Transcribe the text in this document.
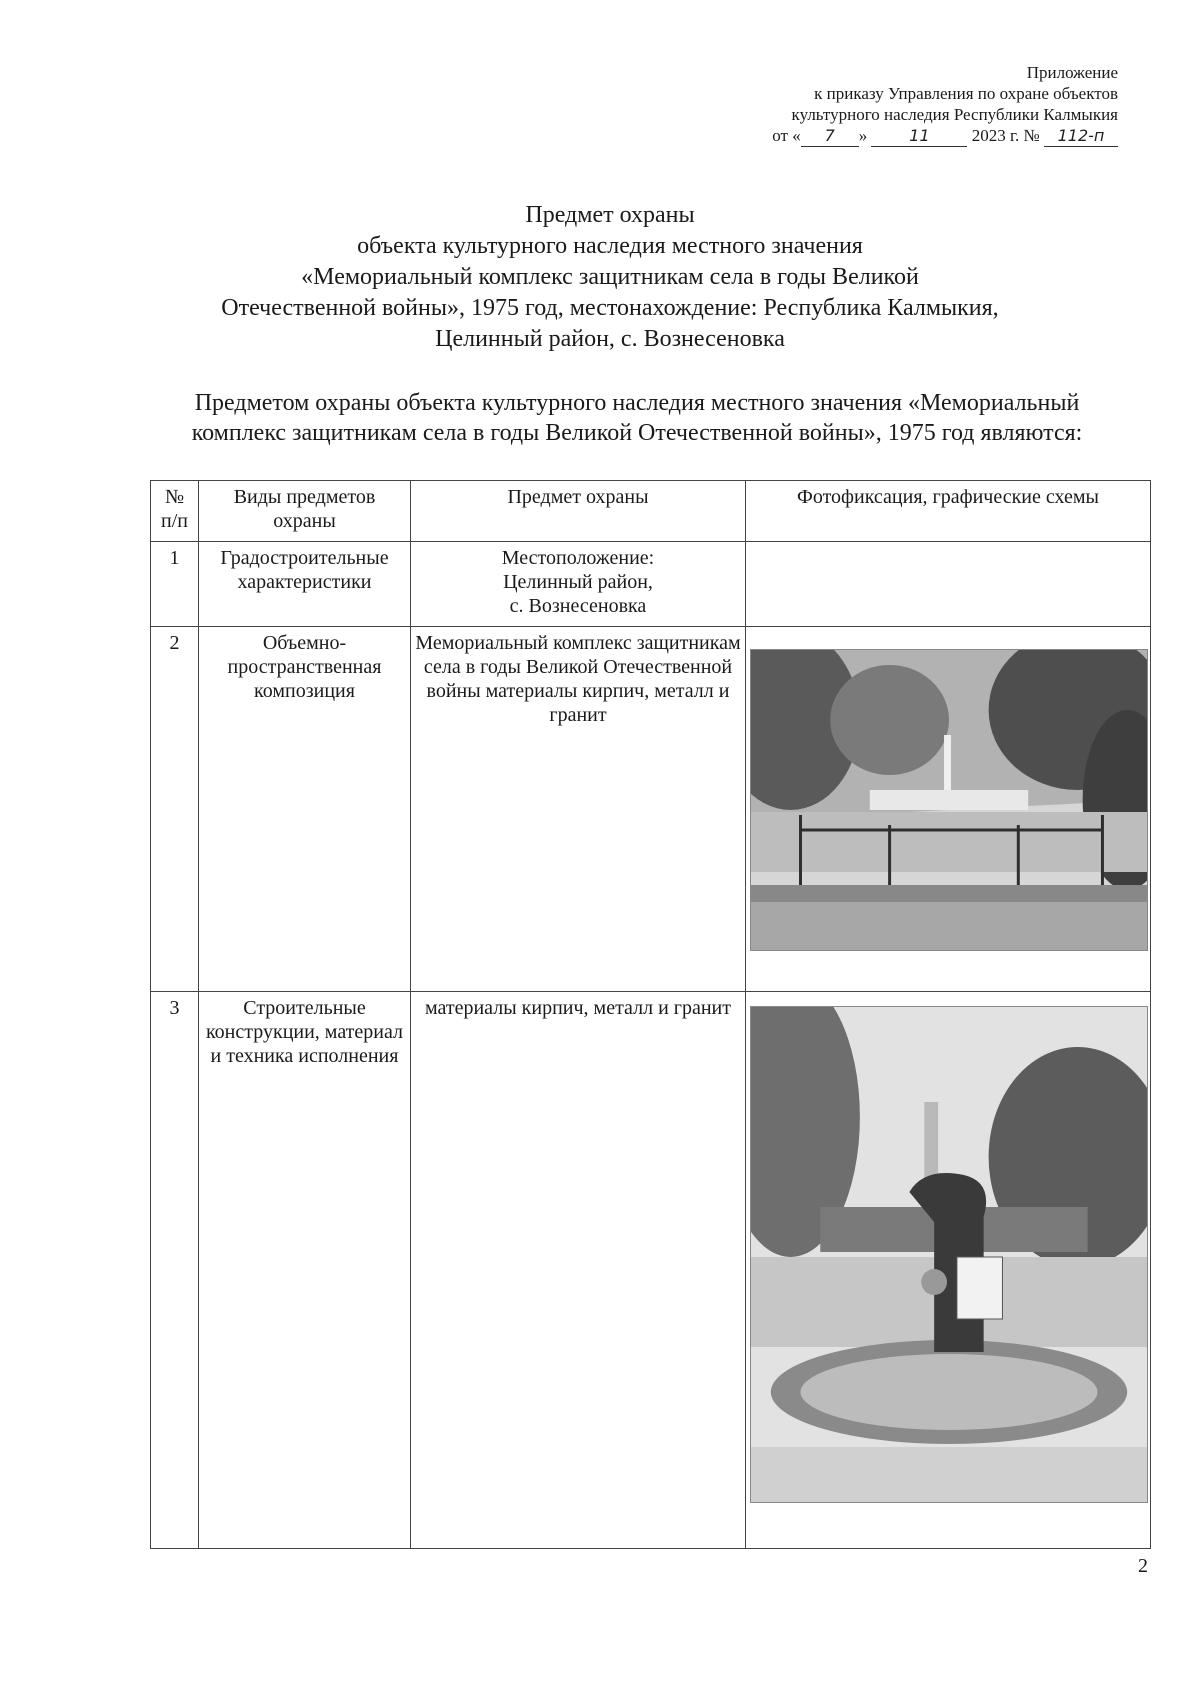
Приложение
к приказу Управления по охране объектов
культурного наследия Республики Калмыкия
от « 7 »	11 2023 г. № 112-п
Предмет охраны
объекта культурного наследия местного значения
«Мемориальный комплекс защитникам села в годы Великой
Отечественной войны», 1975 год, местонахождение: Республика Калмыкия,
Целинный район, с. Вознесеновка

Предметом охраны объекта культурного наследия местного значения «Мемориальный комплекс защитникам села в годы Великой Отечественной войны», 1975 год являются:

№
п/п	Виды предметов охраны	Предмет охраны	Фотофиксация, графические схемы
1	Градостроительные характеристики	Местоположение:
Целинный район,
с. Вознесеновка	

2	Объемно-пространственная композиция	Мемориальный комплекс защитникам села в годы Великой Отечественной войны материалы кирпич, металл и гранит	

3	Строительные конструкции, материал и техника исполнения	материалы кирпич, металл и гранит	
2
